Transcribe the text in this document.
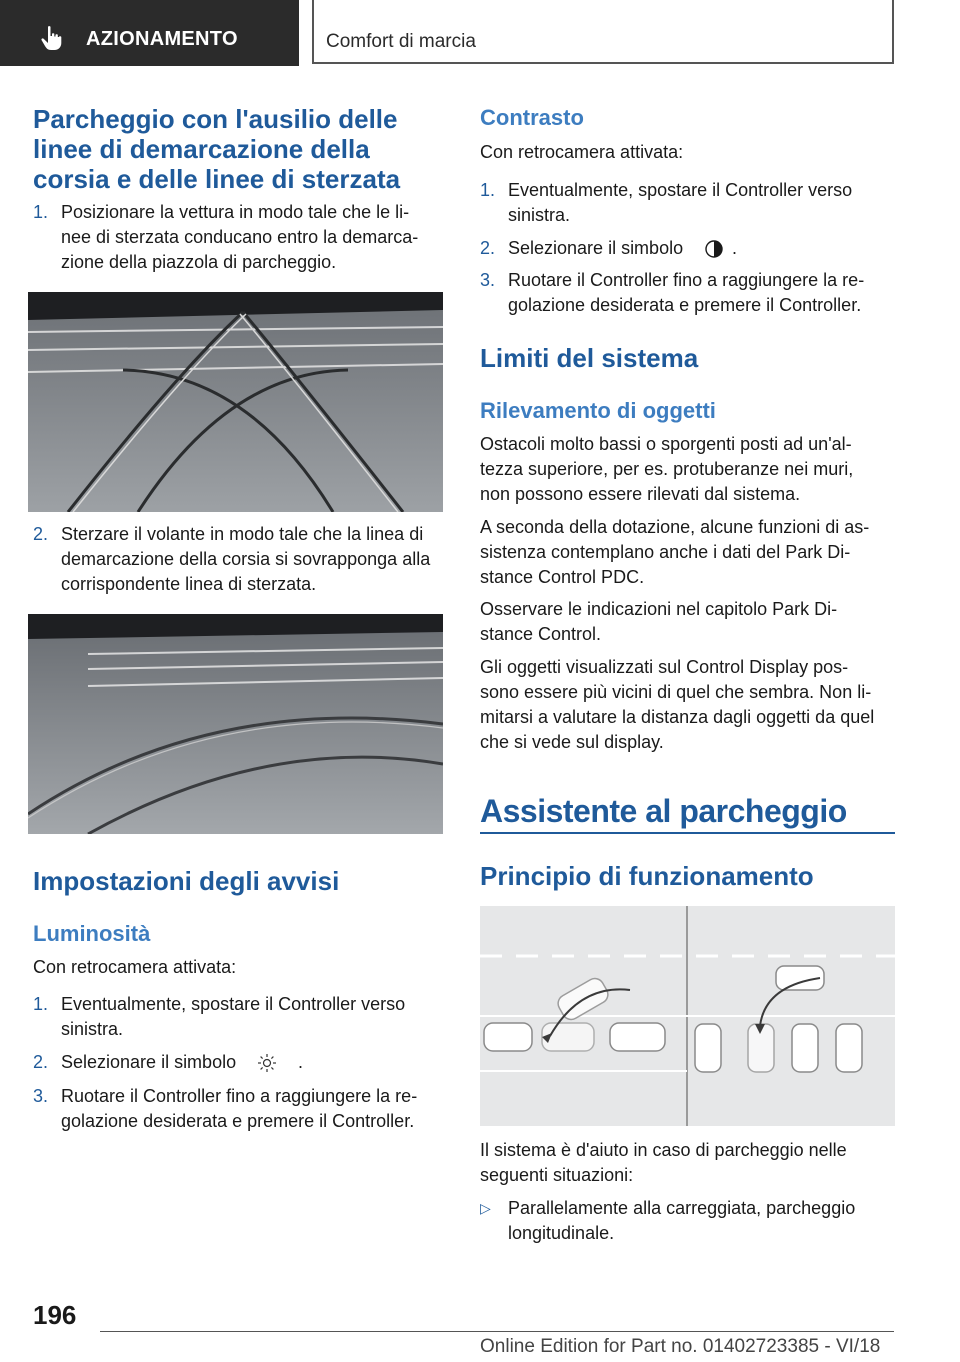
AZIONAMENTO	Comfort di marcia
Parcheggio con l'ausilio delle linee di demarcazione della corsia e delle linee di sterzata
1. Posizionare la vettura in modo tale che le li-
nee di sterzata conducano entro la demarca-
zione della piazzola di parcheggio.
2. Sterzare il volante in modo tale che la linea di
demarcazione della corsia si sovrapponga alla
corrispondente linea di sterzata.
Impostazioni degli avvisi
Luminosità
Con retrocamera attivata:
1. Eventualmente, spostare il Controller verso
sinistra.
2. Selezionare il simbolo	.
3. Ruotare il Controller fino a raggiungere la re-
golazione desiderata e premere il Controller.
Contrasto
Con retrocamera attivata:
1. Eventualmente, spostare il Controller verso
sinistra.
2. Selezionare il simbolo	.
3. Ruotare il Controller fino a raggiungere la re-
golazione desiderata e premere il Controller.
Limiti del sistema
Rilevamento di oggetti
Ostacoli molto bassi o sporgenti posti ad un'al-
tezza superiore, per es. protuberanze nei muri,
non possono essere rilevati dal sistema.
A seconda della dotazione, alcune funzioni di as-
sistenza contemplano anche i dati del Park Di-
stance Control PDC.
Osservare le indicazioni nel capitolo Park Di-
stance Control.
Gli oggetti visualizzati sul Control Display pos-
sono essere più vicini di quel che sembra. Non li-
mitarsi a valutare la distanza dagli oggetti da quel
che si vede sul display.
Assistente al parcheggio
Principio di funzionamento
Il sistema è d'aiuto in caso di parcheggio nelle
seguenti situazioni:
▷ Parallelamente alla carreggiata, parcheggio
longitudinale.
196
Online Edition for Part no. 01402723385 - VI/18
